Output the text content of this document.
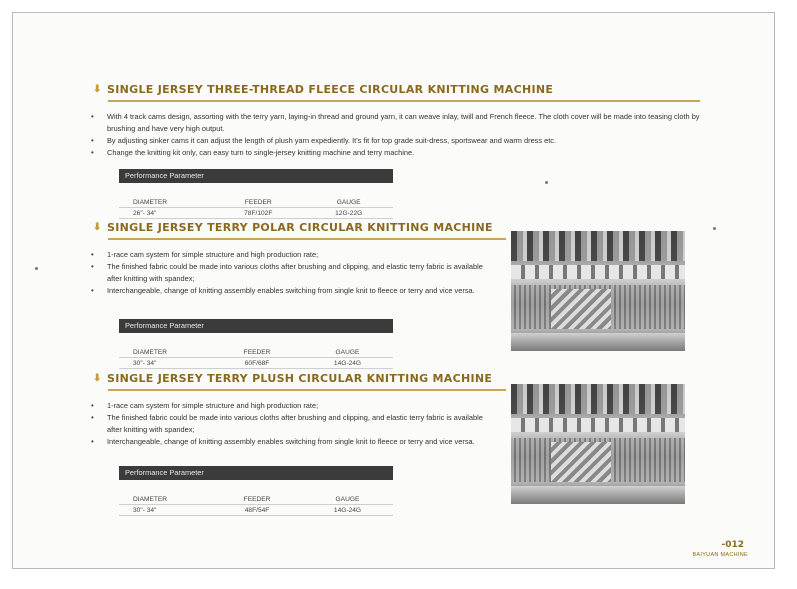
⬇ SINGLE JERSEY THREE-THREAD FLEECE CIRCULAR KNITTING MACHINE
• With 4 track cams design, assorting with the terry yarn, laying-in thread and ground yarn, it can weave inlay, twill and French fleece. The cloth cover will be made into teasing cloth by brushing and have very high output.
• By adjusting sinker cams it can adjust the length of plush yarn expediently. It's fit for top grade suit-dress, sportswear and warm dress etc.
• Change the knitting kit only, can easy turn to single-jersey knitting machine and terry machine.
Performance Parameter
DIAMETER	FEEDER	GAUGE
26"- 34"	78F/102F	12G-22G
⬇ SINGLE JERSEY TERRY POLAR CIRCULAR KNITTING MACHINE
• 1-race cam system for simple structure and high production rate;
• The finished fabric could be made into various cloths after brushing and clipping, and elastic terry fabric is available after knitting with spandex;
• Interchangeable, change of knitting assembly enables switching from single knit to fleece or terry and vice versa.
Performance Parameter
DIAMETER	FEEDER	GAUGE
30"- 34"	60F/68F	14G-24G
⬇ SINGLE JERSEY TERRY PLUSH CIRCULAR KNITTING MACHINE
• 1-race cam system for simple structure and high production rate;
• The finished fabric could be made into various cloths after brushing and clipping, and elastic terry fabric is available after knitting with spandex;
• Interchangeable, change of knitting assembly enables switching from single knit to fleece or terry and vice versa.
Performance Parameter
DIAMETER	FEEDER	GAUGE
30"- 34"	48F/54F	14G-24G
-012
BAIYUAN MACHINE
